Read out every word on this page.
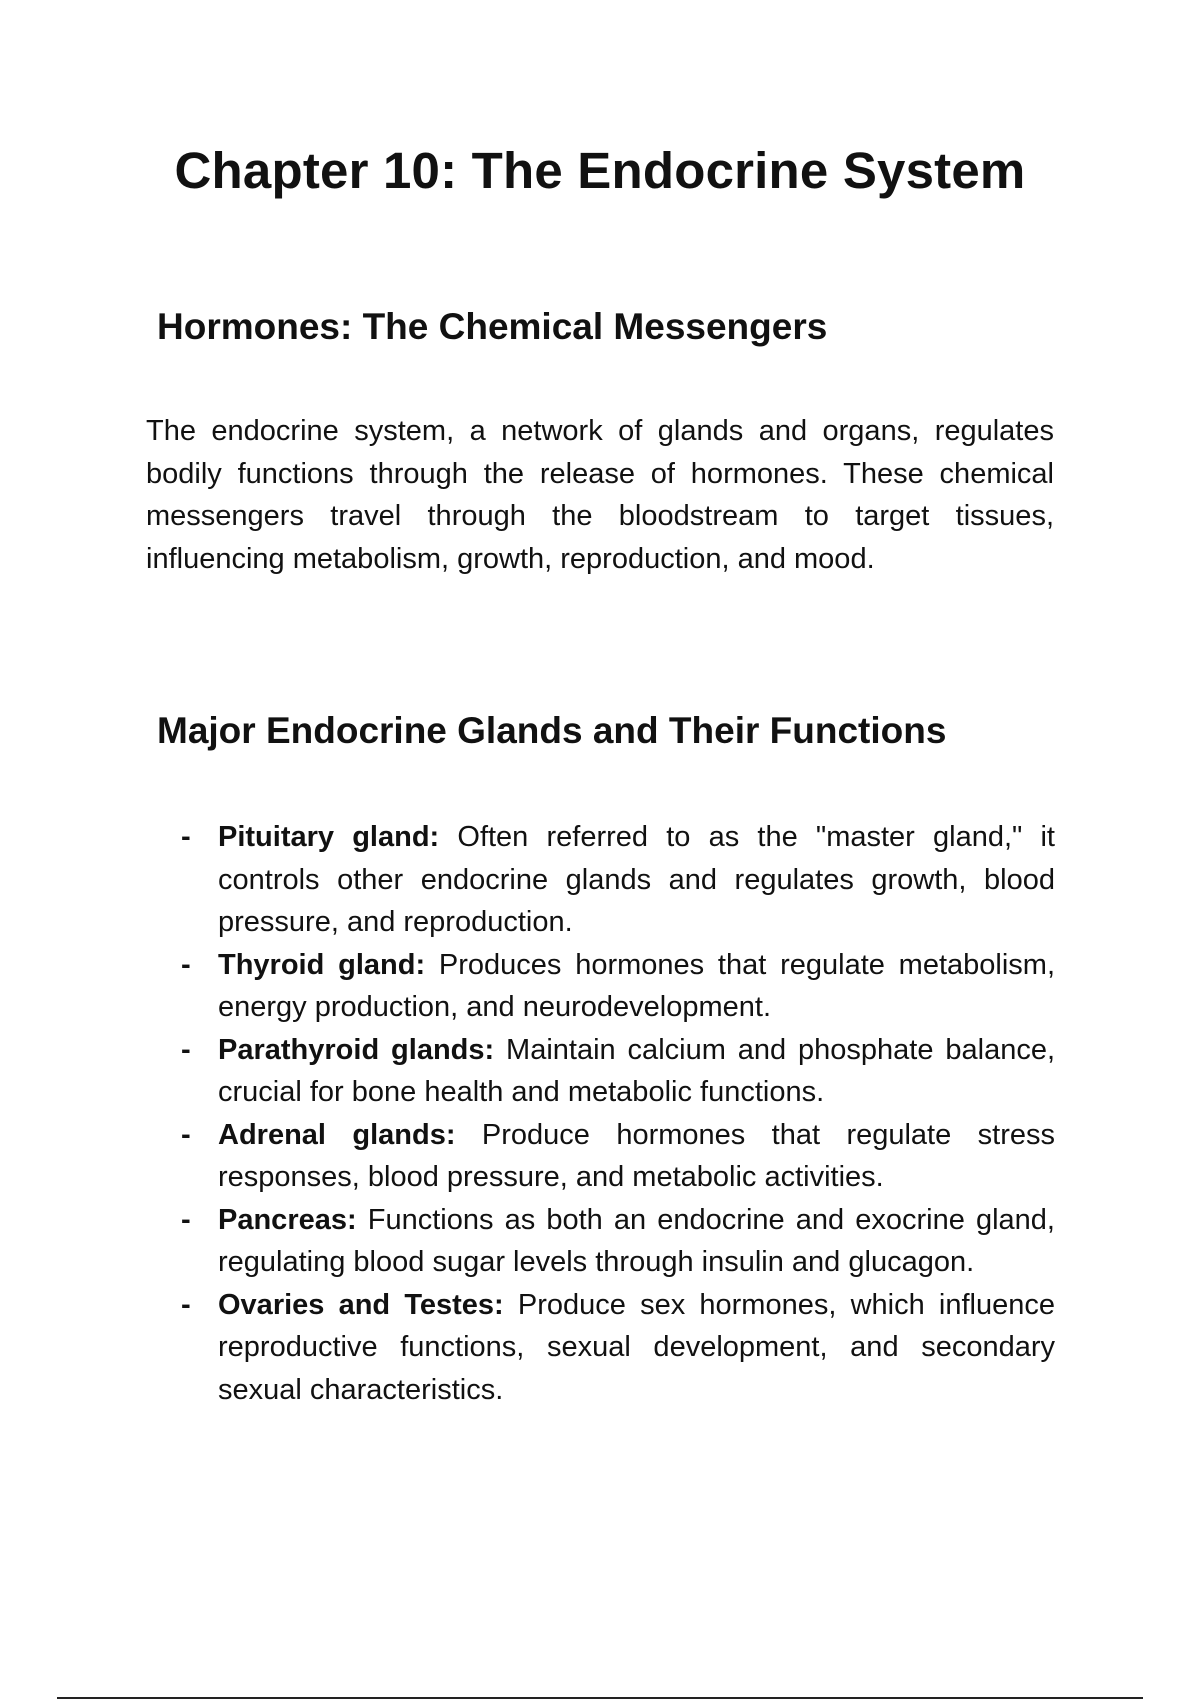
Chapter 10: The Endocrine System
Hormones: The Chemical Messengers

The endocrine system, a network of glands and organs, regulates bodily functions through the release of hormones. These chemical messengers travel through the bloodstream to target tissues, influencing metabolism, growth, reproduction, and mood.

Major Endocrine Glands and Their Functions
- Pituitary gland: Often referred to as the "master gland," it controls other endocrine glands and regulates growth, blood pressure, and reproduction.
- Thyroid gland: Produces hormones that regulate metabolism, energy production, and neurodevelopment.
- Parathyroid glands: Maintain calcium and phosphate balance, crucial for bone health and metabolic functions.
- Adrenal glands: Produce hormones that regulate stress responses, blood pressure, and metabolic activities.
- Pancreas: Functions as both an endocrine and exocrine gland, regulating blood sugar levels through insulin and glucagon.
- Ovaries and Testes: Produce sex hormones, which influence reproductive functions, sexual development, and secondary sexual characteristics.
